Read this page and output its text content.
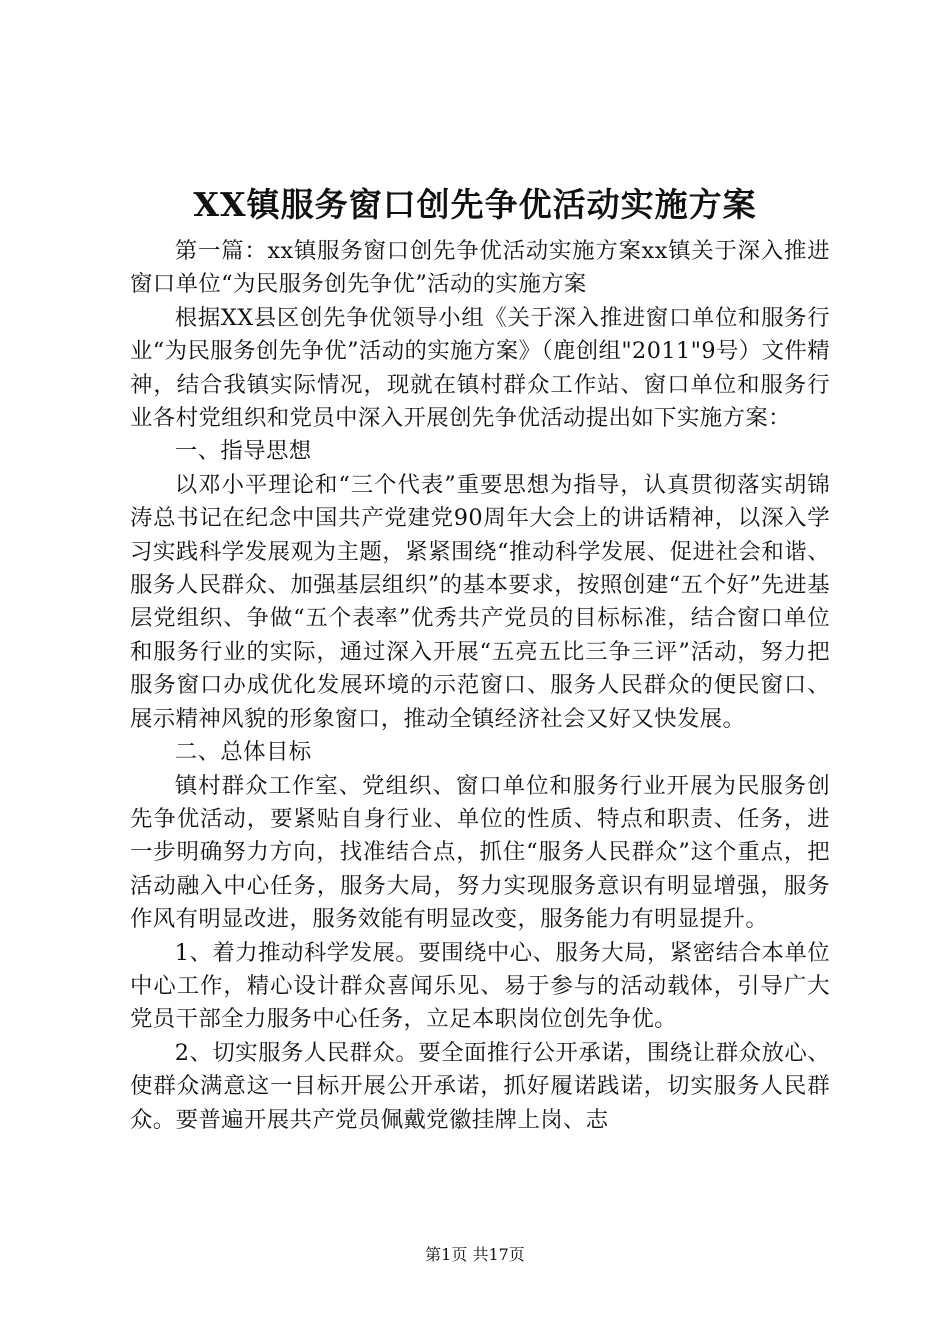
XX镇服务窗口创先争优活动实施方案

第一篇：xx镇服务窗口创先争优活动实施方案xx镇关于深入推进窗口单位“为民服务创先争优”活动的实施方案

根据XX县区创先争优领导小组《关于深入推进窗口单位和服务行业“为民服务创先争优”活动的实施方案》（鹿创组"2011"9号）文件精神，结合我镇实际情况，现就在镇村群众工作站、窗口单位和服务行业各村党组织和党员中深入开展创先争优活动提出如下实施方案：

一、指导思想

以邓小平理论和“三个代表”重要思想为指导，认真贯彻落实胡锦涛总书记在纪念中国共产党建党90周年大会上的讲话精神，以深入学习实践科学发展观为主题，紧紧围绕“推动科学发展、促进社会和谐、服务人民群众、加强基层组织”的基本要求，按照创建“五个好”先进基层党组织、争做“五个表率”优秀共产党员的目标标准，结合窗口单位和服务行业的实际，通过深入开展“五亮五比三争三评”活动，努力把服务窗口办成优化发展环境的示范窗口、服务人民群众的便民窗口、展示精神风貌的形象窗口，推动全镇经济社会又好又快发展。

二、总体目标

镇村群众工作室、党组织、窗口单位和服务行业开展为民服务创先争优活动，要紧贴自身行业、单位的性质、特点和职责、任务，进一步明确努力方向，找准结合点，抓住“服务人民群众”这个重点，把活动融入中心任务，服务大局，努力实现服务意识有明显增强，服务作风有明显改进，服务效能有明显改变，服务能力有明显提升。

1、着力推动科学发展。要围绕中心、服务大局，紧密结合本单位中心工作，精心设计群众喜闻乐见、易于参与的活动载体，引导广大党员干部全力服务中心任务，立足本职岗位创先争优。

2、切实服务人民群众。要全面推行公开承诺，围绕让群众放心、使群众满意这一目标开展公开承诺，抓好履诺践诺，切实服务人民群众。要普遍开展共产党员佩戴党徽挂牌上岗、志

第1页 共17页
